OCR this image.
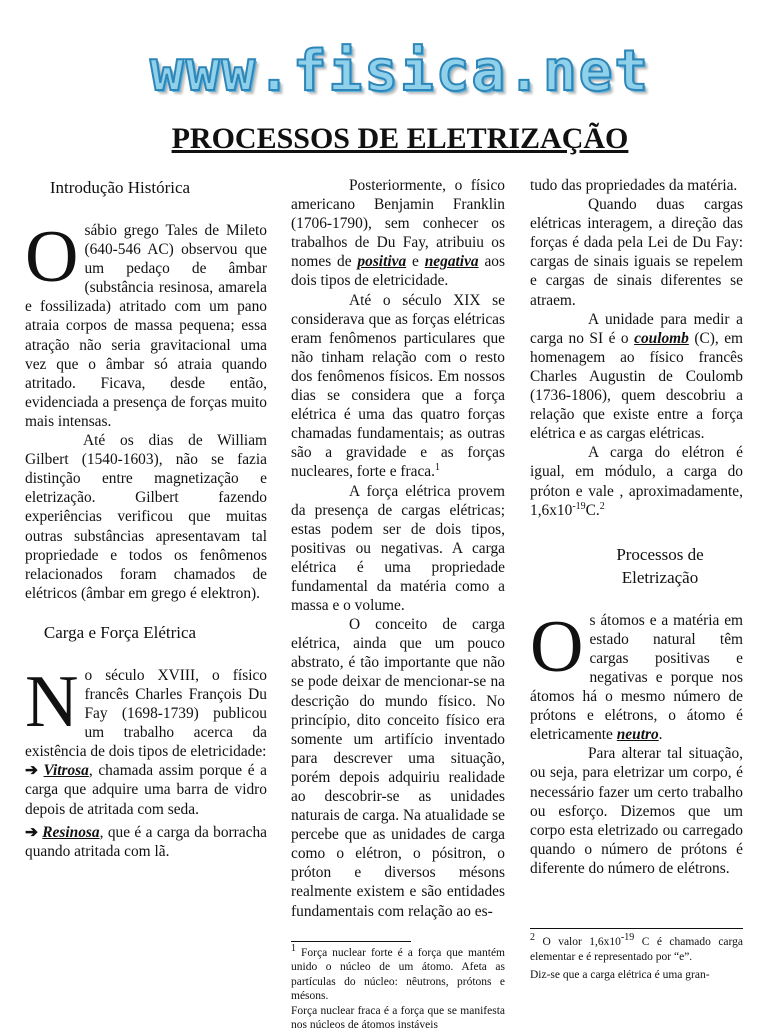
www.fisica.net
PROCESSOS DE ELETRIZAÇÃO
Introdução Histórica

O sábio grego Tales de Mileto (640-546 AC) observou que um pedaço de âmbar (substância resinosa, amarela e fossilizada) atritado com um pano atraia corpos de massa pequena; essa atração não seria gravitacional uma vez que o âmbar só atraia quando atritado. Ficava, desde então, evidenciada a presença de forças muito mais intensas.

Até os dias de William Gilbert (1540-1603), não se fazia distinção entre magnetização e eletrização. Gilbert fazendo experiências verificou que muitas outras substâncias apresentavam tal propriedade e todos os fenômenos relacionados foram chamados de elétricos (âmbar em grego é elektron).

Carga e Força Elétrica

N o século XVIII, o físico francês Charles François Du Fay (1698-1739) publicou um trabalho acerca da existência de dois tipos de eletricidade:

➔ Vitrosa, chamada assim porque é a carga que adquire uma barra de vidro depois de atritada com seda.

➔ Resinosa, que é a carga da borracha quando atritada com lã.

Posteriormente, o físico americano Benjamin Franklin (1706-1790), sem conhecer os trabalhos de Du Fay, atribuiu os nomes de positiva e negativa aos dois tipos de eletricidade.

Até o século XIX se considerava que as forças elétricas eram fenômenos particulares que não tinham relação com o resto dos fenômenos físicos. Em nossos dias se considera que a força elétrica é uma das quatro forças chamadas fundamentais; as outras são a gravidade e as forças nucleares, forte e fraca.$^1$

A força elétrica provem da presença de cargas elétricas; estas podem ser de dois tipos, positivas ou negativas. A carga elétrica é uma propriedade fundamental da matéria como a massa e o volume.

O conceito de carga elétrica, ainda que um pouco abstrato, é tão importante que não se pode deixar de mencionar-se na descrição do mundo físico. No princípio, dito conceito físico era somente um artifício inventado para descrever uma situação, porém depois adquiriu realidade ao descobrir-se as unidades naturais de carga. Na atualidade se percebe que as unidades de carga como o elétron, o pósitron, o próton e diversos mésons realmente existem e são entidades fundamentais com relação ao es-

$^1$ Força nuclear forte é a força que mantém unido o núcleo de um átomo. Afeta as partículas do núcleo: nêutrons, prótons e mésons.

Força nuclear fraca é a força que se manifesta nos núcleos de átomos instáveis

tudo das propriedades da matéria.

Quando duas cargas elétricas interagem, a direção das forças é dada pela Lei de Du Fay: cargas de sinais iguais se repelem e cargas de sinais diferentes se atraem.

A unidade para medir a carga no SI é o coulomb (C), em homenagem ao físico francês Charles Augustin de Coulomb (1736-1806), quem descobriu a relação que existe entre a força elétrica e as cargas elétricas.

A carga do elétron é igual, em módulo, a carga do próton e vale , aproximadamente, $1,6x10^{-19}C.^2$

Processos de Eletrização

O s átomos e a matéria em estado natural têm cargas positivas e negativas e porque nos átomos há o mesmo número de prótons e elétrons, o átomo é eletricamente neutro.

Para alterar tal situação, ou seja, para eletrizar um corpo, é necessário fazer um certo trabalho ou esforço. Dizemos que um corpo esta eletrizado ou carregado quando o número de prótons é diferente do número de elétrons.

$^2$ O valor $1,6x10^{-19}$ C é chamado carga elementar e é representado por “e”.

Diz-se que a carga elétrica é uma gran-
